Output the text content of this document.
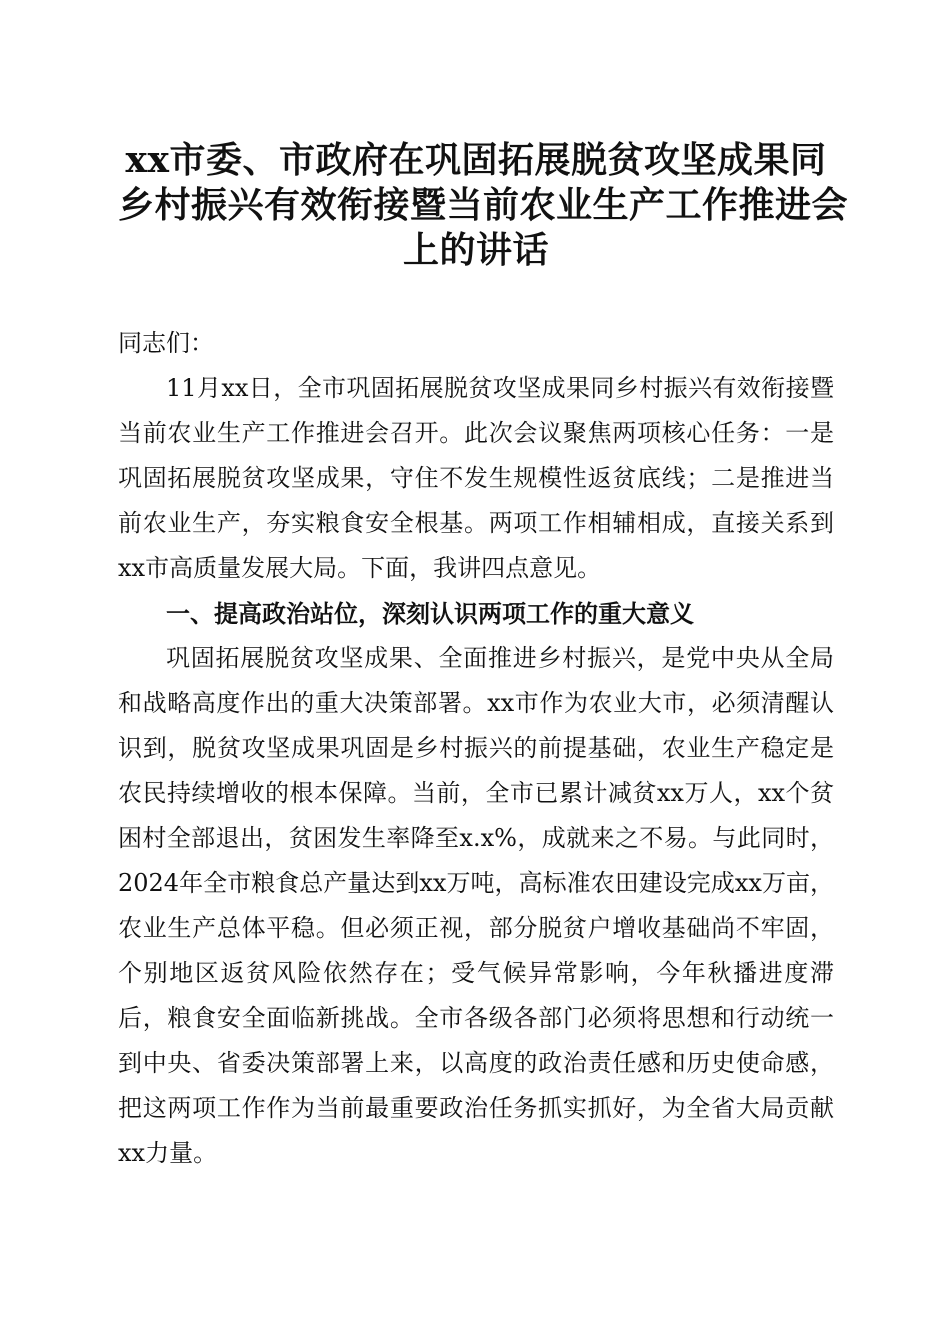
xx市委、市政府在巩固拓展脱贫攻坚成果同
乡村振兴有效衔接暨当前农业生产工作推进会
上的讲话

同志们：

11月xx日，全市巩固拓展脱贫攻坚成果同乡村振兴有效衔接暨当前农业生产工作推进会召开。此次会议聚焦两项核心任务：一是巩固拓展脱贫攻坚成果，守住不发生规模性返贫底线；二是推进当前农业生产，夯实粮食安全根基。两项工作相辅相成，直接关系到xx市高质量发展大局。下面，我讲四点意见。

一、提高政治站位，深刻认识两项工作的重大意义

巩固拓展脱贫攻坚成果、全面推进乡村振兴，是党中央从全局和战略高度作出的重大决策部署。xx市作为农业大市，必须清醒认识到，脱贫攻坚成果巩固是乡村振兴的前提基础，农业生产稳定是农民持续增收的根本保障。当前，全市已累计减贫xx万人，xx个贫困村全部退出，贫困发生率降至x.x%，成就来之不易。与此同时，2024年全市粮食总产量达到xx万吨，高标准农田建设完成xx万亩，农业生产总体平稳。但必须正视，部分脱贫户增收基础尚不牢固，个别地区返贫风险依然存在；受气候异常影响，今年秋播进度滞后，粮食安全面临新挑战。全市各级各部门必须将思想和行动统一到中央、省委决策部署上来，以高度的政治责任感和历史使命感，把这两项工作作为当前最重要政治任务抓实抓好，为全省大局贡献xx力量。
